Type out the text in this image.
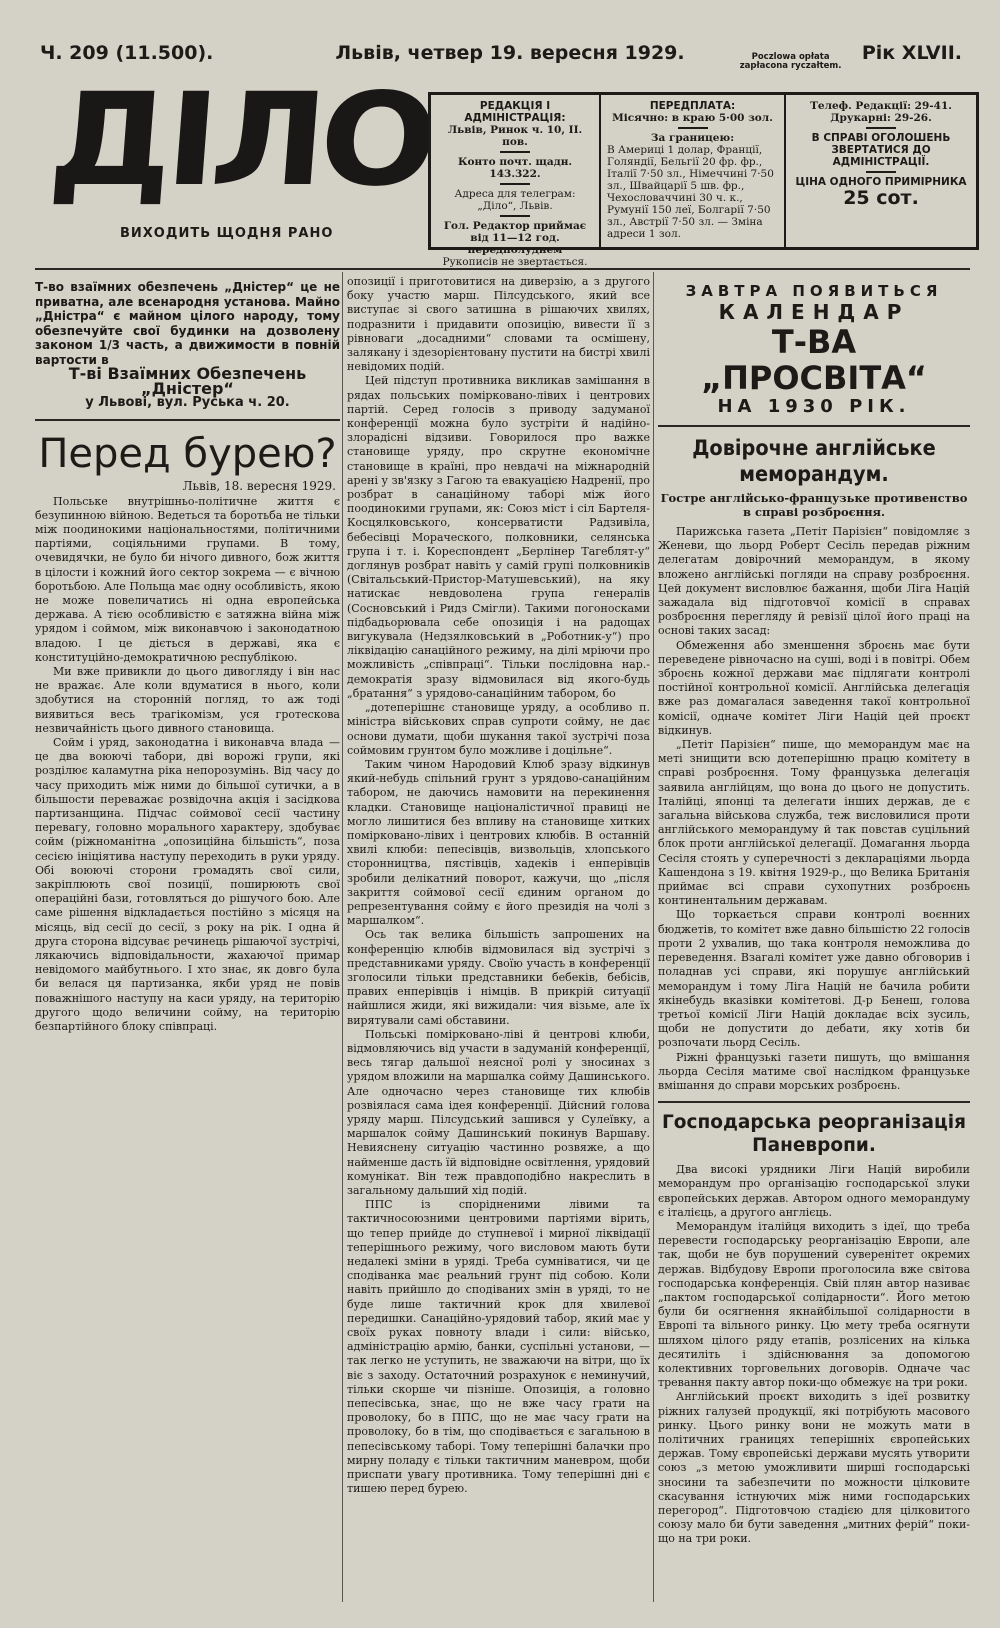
Ч. 209 (11.500).	Львів, четвер 19. вересня 1929.	Poczlowa opłata
zapłacona ryczałtem.
Рік XLVII.
ДІЛО
ВИХОДИТЬ ЩОДНЯ РАНО
РЕДАКЦІЯ І АДМІНІСТРАЦІЯ:
Львів, Ринок ч. 10, II. пов.
Конто почт. щадн. 143.322.
Адреса для телеграм: „Діло“, Львів.
Гол. Редактор приймає від 11—12 год. передполуднем
Рукописів не звертається.
ПЕРЕДПЛАТА:
Місячно: в краю 5·00 зол.
За границею:
В Америці 1 долар, Франції, Голяндії, Бельгії 20 фр. фр., Італії 7·50 зл., Німеччині 7·50 зл., Швайцарії 5 шв. фр., Чехословаччині 30 ч. к., Румунії 150 леї, Болгарії 7·50 зл., Австрії 7·50 зл. — Зміна адреси 1 зол.
Телеф. Редакції: 29-41.
Друкарні: 29-26.
В СПРАВІ ОГОЛОШЕНЬ ЗВЕРТАТИСЯ ДО АДМІНІСТРАЦІЇ.
ЦІНА ОДНОГО ПРИМІРНИКА
25 сот.
Т-во взаїмних обезпечень „Дністер“ це не приватна, але всенародня установа. Майно „Дністра“ є майном цілого народу, тому обезпечуйте свої будинки на дозволену законом 1/3 часть, а движимости в повній вартости в
Т-ві Взаїмних Обезпечень „Дністер“
у Львові, вул. Руська ч. 20.
Перед бурею?
Львів, 18. вересня 1929.

Польське внутрішньо-політичне життя є безупинною війною. Ведеться та боротьба не тільки між поодинокими національностями, політичними партіями, соціяльними групами. В тому, очевидячки, не було би нічого дивного, бож життя в цілости і кожний його сектор зокрема — є вічною боротьбою. Але Польща має одну особливість, якою не може повеличатись ні одна европейська держава. А тією особливістю є затяжна війна між урядом і соймом, між виконавчою і законодатною владою. І це діється в державі, яка є конституційно-демократичною республікою.

Ми вже привикли до цього дивогляду і він нас не вражає. Але коли вдуматися в нього, коли здобутися на сторонній погляд, то аж тоді виявиться весь трагікомізм, уся гротескова незвичайність цього дивного становища.

Сойм і уряд, законодатна і виконавча влада — це два воюючі табори, дві ворожі групи, які розділює каламутна ріка непорозумінь. Від часу до часу приходить між ними до більшої сутички, а в більшости переважає розвідочна акція і засідкова партизанщина. Підчас соймової сесії частину перевагу, головно морального характеру, здобуває сойм (ріжноманітна „опозиційна більшість“, поза сесією ініціятива наступу переходить в руки уряду. Обі воюючі сторони громадять свої сили, закріплюють свої позиції, поширюють свої операційні бази, готовляться до рішучого бою. Але саме рішення відкладається постійно з місяця на місяць, від сесії до сесії, з року на рік. І одна й друга сторона відсуває речинець рішаючої зустрічі, лякаючись відповідальности, жахаючої примар невідомого майбутнього. І хто знає, як довго була би велася ця партизанка, якби уряд не повів поважнішого наступу на каси уряду, на територію другого щодо величини сойму, на територію безпартійного блоку співпраці.

опозиції і приготовитися на диверзію, а з другого боку участю марш. Пілсудського, який все виступає зі свого затишна в рішаючих хвилях, подразнити і придавити опозицію, вивести її з рівноваги „досадними“ словами та осмішену, залякану і здезорієнтовану пустити на бистрі хвилі невідомих подій.

Цей підступ противника викликав замішання в рядах польських поміркованo-лівих і центрових партій. Серед голосів з приводу задуманої конференції можна було зустріти й надійно-злорадісні відзиви. Говорилося про важке становище уряду, про скрутне економічне становище в країні, про невдачі на міжнародній арені у зв'язку з Гагою та евакуацією Надренії, про розбрат в санаційному таборі між його поодинокими групами, як: Союз міст і сіл Бартеля-Косцялковського, консерватисти Радзивіла, бебесівці Мораческого, полковники, селянська група і т. і. Кореспондент „Берлінер Тагеблят-у“ доглянув розбрат навіть у самій групі полковників (Світальський-Пристор-Матушевський), на яку натискає невдоволена група генералів (Сосновський і Ридз Смігли). Такими погоносками підбадьорювала себе опозиція і на радощах вигукувала (Недзялковський в „Роботник-у“) про ліквідацію санаційного режиму, на ділі мріючи про можливість „співпраці“. Тільки послідовна нар.-демократія зразу відмовилася від якого-будь „братання“ з урядово-санаційним табором, бо

„дотеперішнє становище уряду, а особливо п. міністра військових справ супроти сойму, не дає основи думати, щоби шукання такої зустрічі поза соймовим грунтом було можливе і доцільне“.

Таким чином Народовий Клюб зразу відкинув який-небудь спільний грунт з урядово-санаційним табором, не даючись намовити на перекинення кладки. Становище націоналістичної правиці не могло лишитися без впливу на становище хитких поміркованo-лівих і центрових клюбів. В останній хвилі клюби: пепесівців, визвольців, хлопського сторонництва, пястівців, хадеків і енперівців зробили делікатний поворот, кажучи, що „після закриття соймової сесії єдиним органом до репрезентування сойму є його президія на чолі з маршалком“.

Ось так велика більшість запрошених на конференцію клюбів відмовилася від зустрічі з представниками уряду. Своїю участь в конференції зголосили тільки представники бебеків, бебісів, правих енперівців і німців. В прикрій ситуації найшлися жиди, які вижидали: чия візьме, але їх вирятували самі обставини.

Польські поміркованo-ліві й центрові клюби, відмовляючись від участи в задуманій конференції, весь тягар дальшої неясної ролі у зносинах з урядом вложили на маршалка сойму Дашинського. Але одночасно через становище тих клюбів розвіялася сама ідея конференції. Дійсний голова уряду марш. Пілсудський зашився у Сулеївку, а маршалок сойму Дашинський покинув Варшаву. Невиясненy ситуацію частинно розвяже, а що найменше дасть їй відповідне освітлення, урядовий комунікат. Він теж правдоподібно накреслить в загальному дальший хід подій.

ППС із спорідненими лівими та тактичносоюзними центровими партіями вірить, що тепер прийде до ступневої і мирної ліквідації теперішнього режиму, чого висловом мають бути недалекі зміни в уряді. Треба сумніватися, чи це сподіванка має реальний грунт під собою. Коли навіть прийшло до сподіваних змін в уряді, то не буде лише тактичний крок для хвилевої передишки. Санаційно-урядовий табор, який має у своїх руках повноту влади і сили: військо, адміністрацію армію, банки, суспільні установи, — так легко не уступить, не зважаючи на вітри, що їх віє з заходу. Остаточний розрахунок є неминучий, тільки скорше чи пізніше. Опозиція, а головно пепесівська, знає, що не вже часу грати на проволоку, бо в ППС, що не має часу грати на проволоку, бо в тім, що сподівається є загальною в пепесівському таборі. Тому теперішні балачки про мирну поладу є тільки тактичним маневром, щоби приспати увагу противника. Тому теперішні дні є тишею перед бурею.

ЗАВТРА ПОЯВИТЬСЯ
КАЛЕНДАР
Т-ВА „ПРОСВІТА“
НА 1930 РІК.
Довірочне англійське меморандум.
Гостре англійсько-французьке противенство в справі розброєння.

Парижська газета „Петіт Парізієн“ повідомляє з Женеви, що льорд Роберт Сесіль передав ріжним делегатам довірочний меморандум, в якому вложено англійські погляди на справу розброєння. Цей документ висловлює бажання, щоби Ліга Націй зажадала від підготовчої комісії в справах розброєння перегляду й ревізії цілої його праці на основі таких засад:

Обмеження або зменшення зброєнь має бути переведене рівночасно на суші, воді і в повітрі. Обем зброєнь кожної держави має підлягати контролі постійної контрольної комісії. Англійська делегація вже раз домагалася заведення такої контрольної комісії, одначе комітет Ліги Націй цей проєкт відкинув.

„Петіт Парізієн“ пише, що меморандум має на меті знищити всю дотеперішню працю комітету в справі розброєння. Тому французька делегація заявила англійцям, що вона до цього не допустить. Італійці, японці та делегати інших держав, де є загальна військова служба, теж висловилися проти англійського меморандуму й так повстав суцільний блок проти англійської делегації. Домагання льорда Сесіля стоять у суперечності з деклараціями льорда Кашендона з 19. квітня 1929-р., що Велика Британія приймає всі справи сухопутних розброєнь континентальним державам.

Що торкається справи контролі воєнних бюджетів, то комітет вже давно більшістю 22 голосів проти 2 ухвалив, що така контроля неможлива до переведення. Взагалі комітет уже давно обговорив і поладнав усі справи, які порушує англійський меморандум і тому Ліга Націй не бачила робити якінебудь вказівки комітетові. Д-р Бенеш, голова третьої комісії Ліги Націй докладає всіх зусиль, щоби не допустити до дебати, яку хотів би розпочати льорд Сесіль.

Ріжні французькі газети пишуть, що вмішання льорда Сесіля матиме свої наслідком французьке вмішання до справи морських розброєнь.

Господарська реорганізація Паневропи.

Два високі урядники Ліги Націй виробили меморандум про організацію господарської злуки європейських держав. Автором одного меморандуму є італієць, а другого англієць.

Меморандум італійця виходить з ідеї, що треба перевести господарську реорганізацію Европи, але так, щоби не був порушений суверенітет окремих держав. Відбудову Европи проголосила вже світова господарська конференція. Свій плян автор називає „пактом господарської солідарности“. Його метою були би осягнення якнайбільшої солідарности в Европі та вільного ринку. Цю мету треба осягнути шляхом цілого ряду етапів, розлісених на кілька десятиліть і здійснювання за допомогою колективних торговельних договорів. Одначе час тревання пакту автор поки-що обмежує на три роки.

Англійський проєкт виходить з ідеї розвитку ріжних галузей продукції, які потрібують масового ринку. Цього ринку вони не можуть мати в політичних границях теперішніх європейських держав. Тому європейські держави мусять утворити союз „з метою уможливити ширші господарські зносини та забезпечити по можности цілковите скасування істнуючих між ними господарських перегород“. Підготовчою стадією для цілковитого союзу мало би бути заведення „митних ферій“ поки-що на три роки.
